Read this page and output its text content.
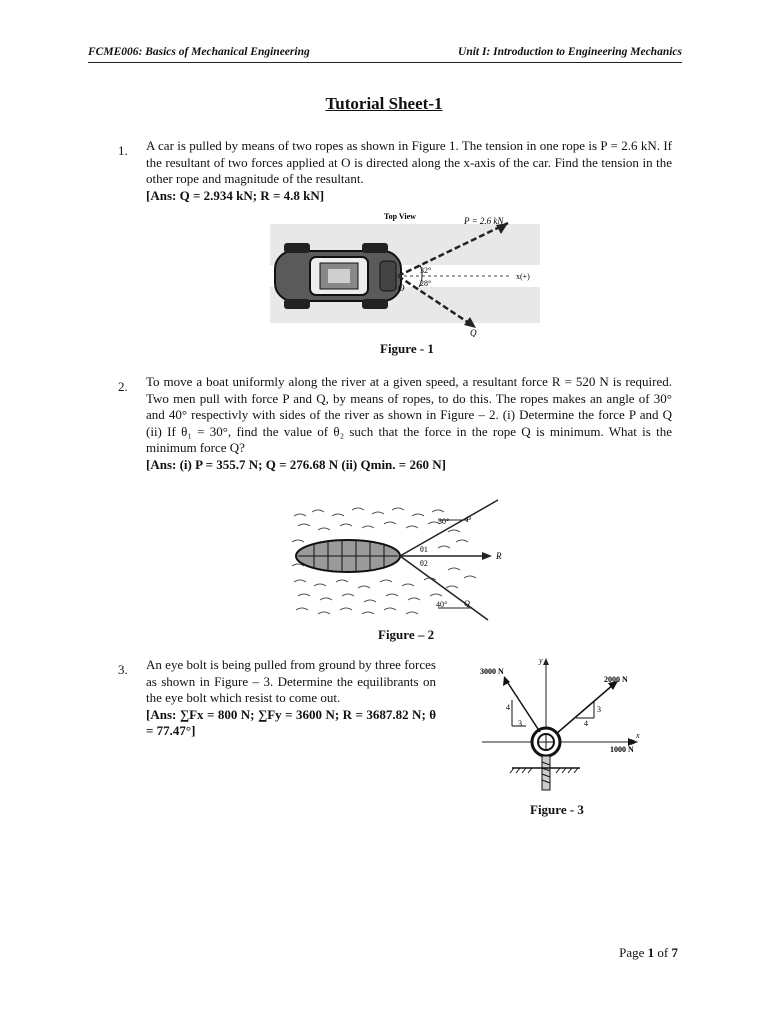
FCME006: Basics of Mechanical Engineering	Unit I: Introduction to Engineering Mechanics
Tutorial Sheet-1
1. A car is pulled by means of two ropes as shown in Figure 1. The tension in one rope is P = 2.6 kN. If the resultant of two forces applied at O is directed along the x-axis of the car. Find the tension in the other rope and magnitude of the resultant.
[Ans: Q = 2.934 kN; R = 4.8 kN]
Top View	P = 2.6 kN
x(+)
32°
28°
O
Q
Figure - 1
2. To move a boat uniformly along the river at a given speed, a resultant force R = 520 N is required. Two men pull with force P and Q, by means of ropes, to do this. The ropes makes an angle of 30° and 40° respectivly with sides of the river as shown in Figure – 2. (i) Determine the force P and Q (ii) If θ₁ = 30°, find the value of θ₂ such that the force in the rope Q is minimum. What is the minimum force Q?
[Ans: (i) P = 355.7 N; Q = 276.68 N (ii) Qmin. = 260 N]
30° P
θ1
θ2
R
40° Q
Figure – 2
3. An eye bolt is being pulled from ground by three forces as shown in Figure – 3. Determine the equilibrants on the eye bolt which resist to come out.
[Ans: ∑Fx = 800 N; ∑Fy = 3600 N; R = 3687.82 N; θ = 77.47°]
3000 N
y
2000 N
4
3
3
4
x
1000 N
Figure - 3
Page 1 of 7
